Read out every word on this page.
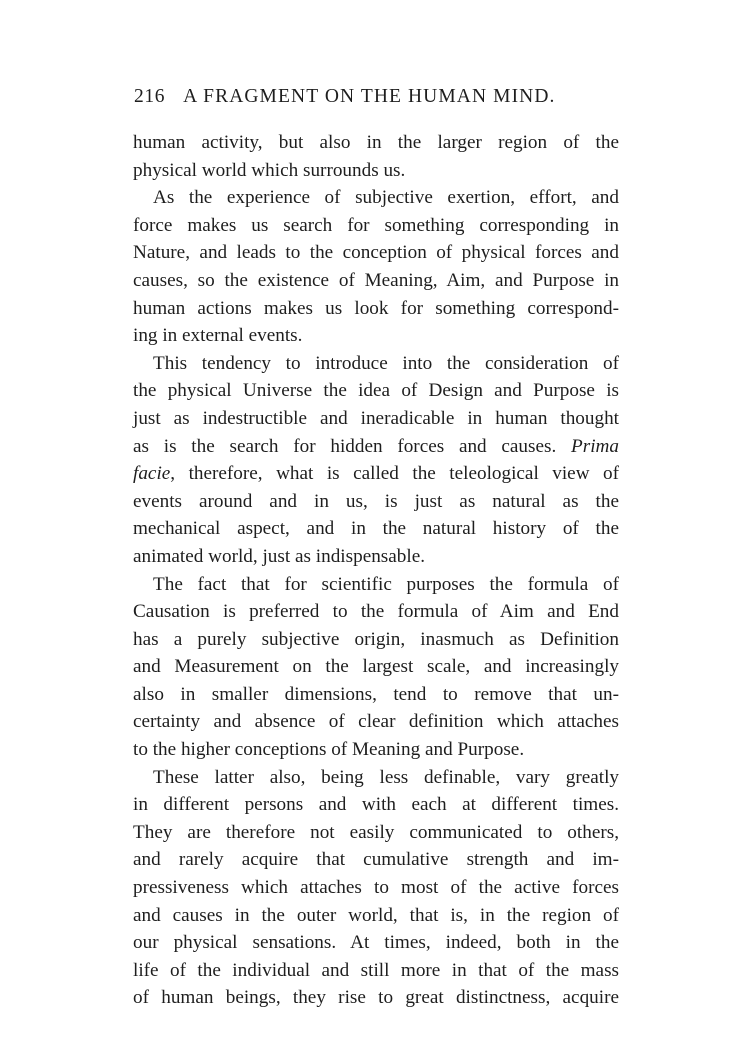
216 A FRAGMENT ON THE HUMAN MIND.
human activity, but also in the larger region of the
physical world which surrounds us.
As the experience of subjective exertion, effort, and
force makes us search for something corresponding in
Nature, and leads to the conception of physical forces and
causes, so the existence of Meaning, Aim, and Purpose in
human actions makes us look for something correspond-
ing in external events.
This tendency to introduce into the consideration of
the physical Universe the idea of Design and Purpose is
just as indestructible and ineradicable in human thought
as is the search for hidden forces and causes. Prima
facie, therefore, what is called the teleological view of
events around and in us, is just as natural as the
mechanical aspect, and in the natural history of the
animated world, just as indispensable.
The fact that for scientific purposes the formula of
Causation is preferred to the formula of Aim and End
has a purely subjective origin, inasmuch as Definition
and Measurement on the largest scale, and increasingly
also in smaller dimensions, tend to remove that un-
certainty and absence of clear definition which attaches
to the higher conceptions of Meaning and Purpose.
These latter also, being less definable, vary greatly
in different persons and with each at different times.
They are therefore not easily communicated to others,
and rarely acquire that cumulative strength and im-
pressiveness which attaches to most of the active forces
and causes in the outer world, that is, in the region of
our physical sensations. At times, indeed, both in the
life of the individual and still more in that of the mass
of human beings, they rise to great distinctness, acquire
